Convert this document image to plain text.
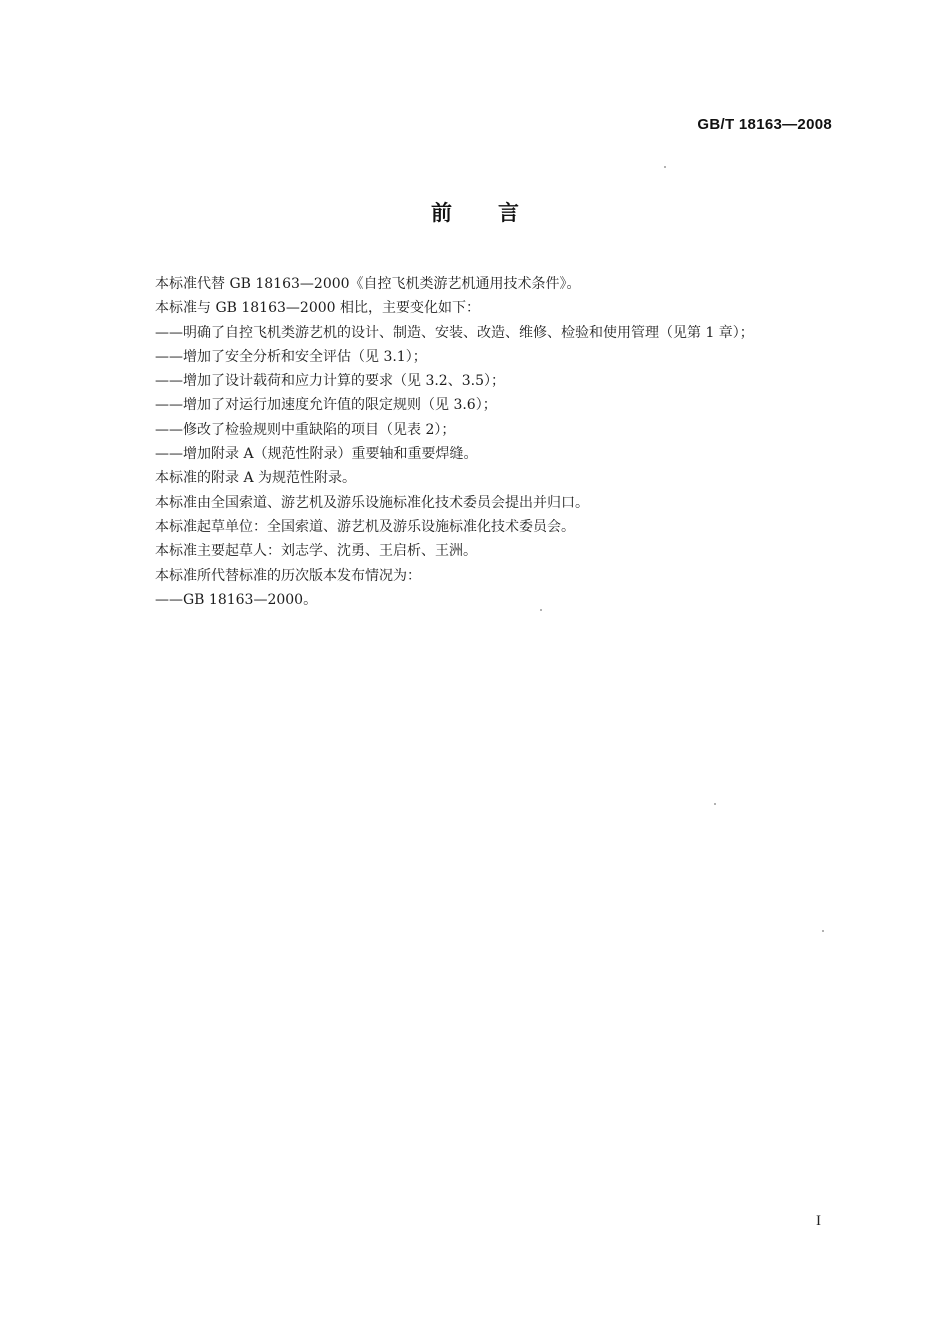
GB/T 18163—2008
前言
本标准代替 GB 18163—2000《自控飞机类游艺机通用技术条件》。
本标准与 GB 18163—2000 相比，主要变化如下：
——明确了自控飞机类游艺机的设计、制造、安装、改造、维修、检验和使用管理（见第 1 章）；
——增加了安全分析和安全评估（见 3.1）；
——增加了设计载荷和应力计算的要求（见 3.2、3.5）；
——增加了对运行加速度允许值的限定规则（见 3.6）；
——修改了检验规则中重缺陷的项目（见表 2）；
——增加附录 A（规范性附录）重要轴和重要焊缝。
本标准的附录 A 为规范性附录。
本标准由全国索道、游艺机及游乐设施标准化技术委员会提出并归口。
本标准起草单位：全国索道、游艺机及游乐设施标准化技术委员会。
本标准主要起草人：刘志学、沈勇、王启析、王洲。
本标准所代替标准的历次版本发布情况为：
——GB 18163—2000。
I
